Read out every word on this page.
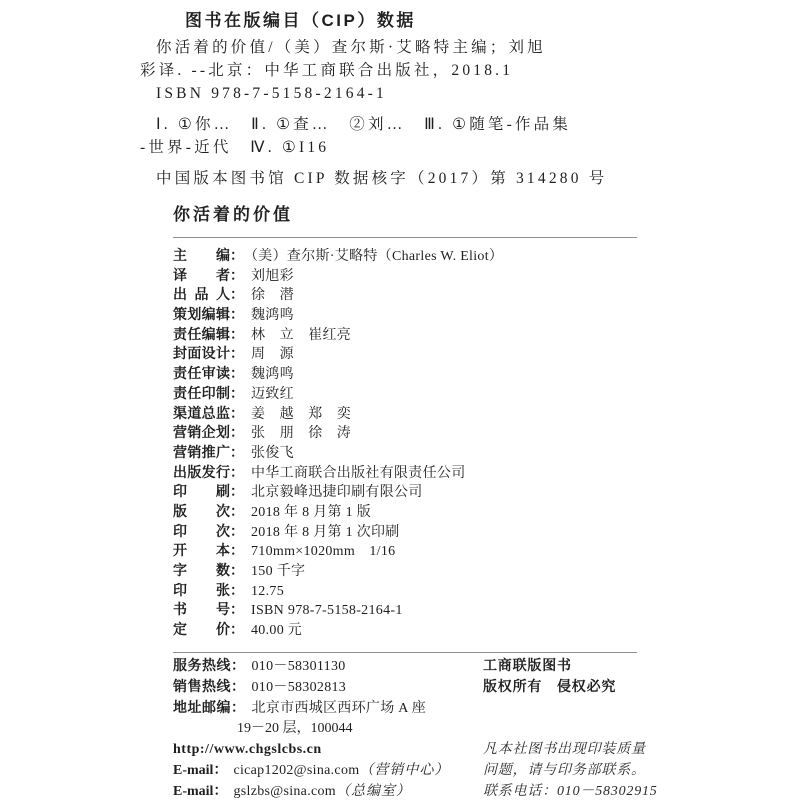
图书在版编目（CIP）数据
你活着的价值/（美）查尔斯·艾略特主编；刘旭
彩译. --北京：中华工商联合出版社，2018.1
ISBN 978-7-5158-2164-1
Ⅰ. ①你…　Ⅱ. ①查…　②刘…　Ⅲ. ①随笔-作品集
-世界-近代　Ⅳ. ①I16
中国版本图书馆 CIP 数据核字（2017）第 314280 号
你活着的价值
主编： （美）查尔斯·艾略特（Charles W. Eliot）
译者： 刘旭彩
出品人： 徐　潜
策划编辑： 魏鸿鸣
责任编辑： 林　立　崔红亮
封面设计： 周　源
责任审读： 魏鸿鸣
责任印制： 迈致红
渠道总监： 姜　越　郑　奕
营销企划： 张　朋　徐　涛
营销推广： 张俊飞
出版发行： 中华工商联合出版社有限责任公司
印刷： 北京毅峰迅捷印刷有限公司
版次： 2018 年 8 月第 1 版
印次： 2018 年 8 月第 1 次印刷
开本： 710mm×1020mm　1/16
字数： 150 千字
印张： 12.75
书号： ISBN 978-7-5158-2164-1
定价： 40.00 元
服务热线： 010－58301130
销售热线： 010－58302813
地址邮编： 北京市西城区西环广场 A 座
19－20 层，100044
http://www.chgslcbs.cn
E-mail： cicap1202@sina.com（营销中心）
E-mail： gslzbs@sina.com（总编室）
工商联版图书
版权所有　侵权必究
凡本社图书出现印装质量
问题，请与印务部联系。
联系电话：010－58302915
